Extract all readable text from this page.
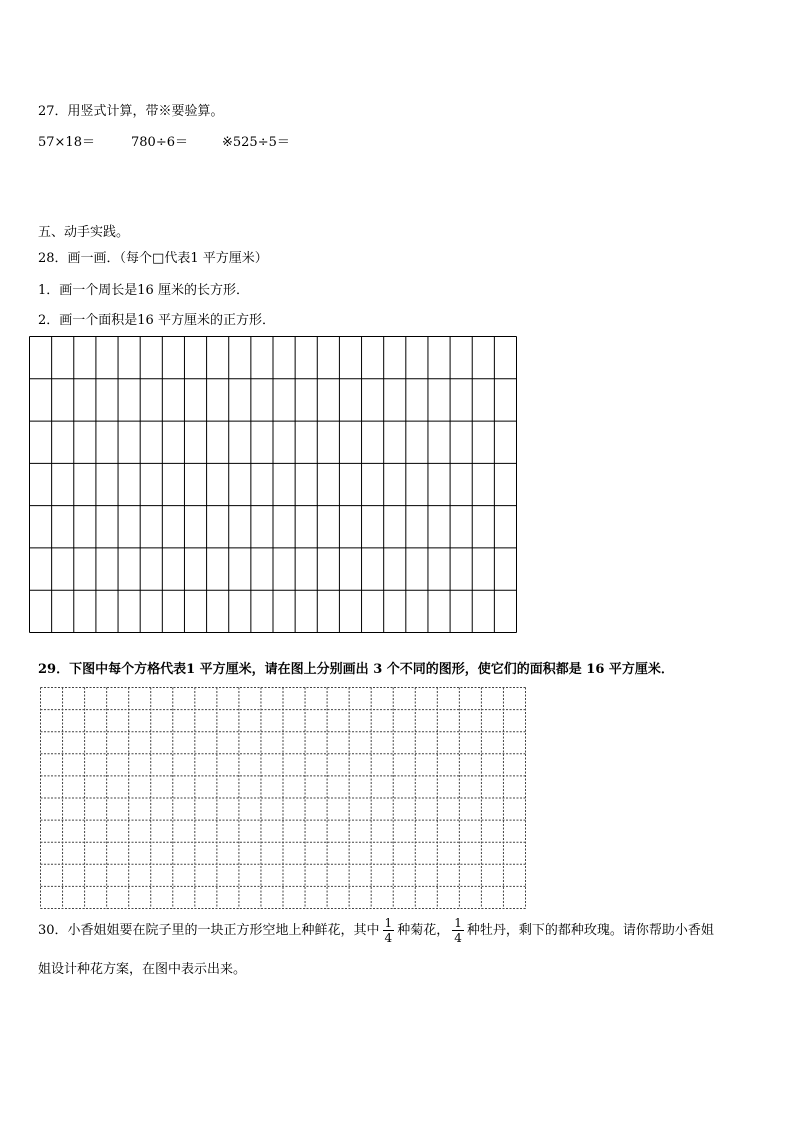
27．用竖式计算，带※要验算。
57×18＝	780÷6＝	※525÷5＝
五、动手实践。
28．画一画．（每个□代表1 平方厘米）
1．画一个周长是16 厘米的长方形．
2．画一个面积是16 平方厘米的正方形．
29．下图中每个方格代表1 平方厘米，请在图上分别画出 3 个不同的图形，使它们的面积都是 16 平方厘米．
30．小香姐姐要在院子里的一块正方形空地上种鲜花，其中 $\frac{1}{4}$ 种菊花， $\frac{1}{4}$ 种牡丹，剩下的都种玫瑰。请你帮助小香姐
姐设计种花方案，在图中表示出来。
